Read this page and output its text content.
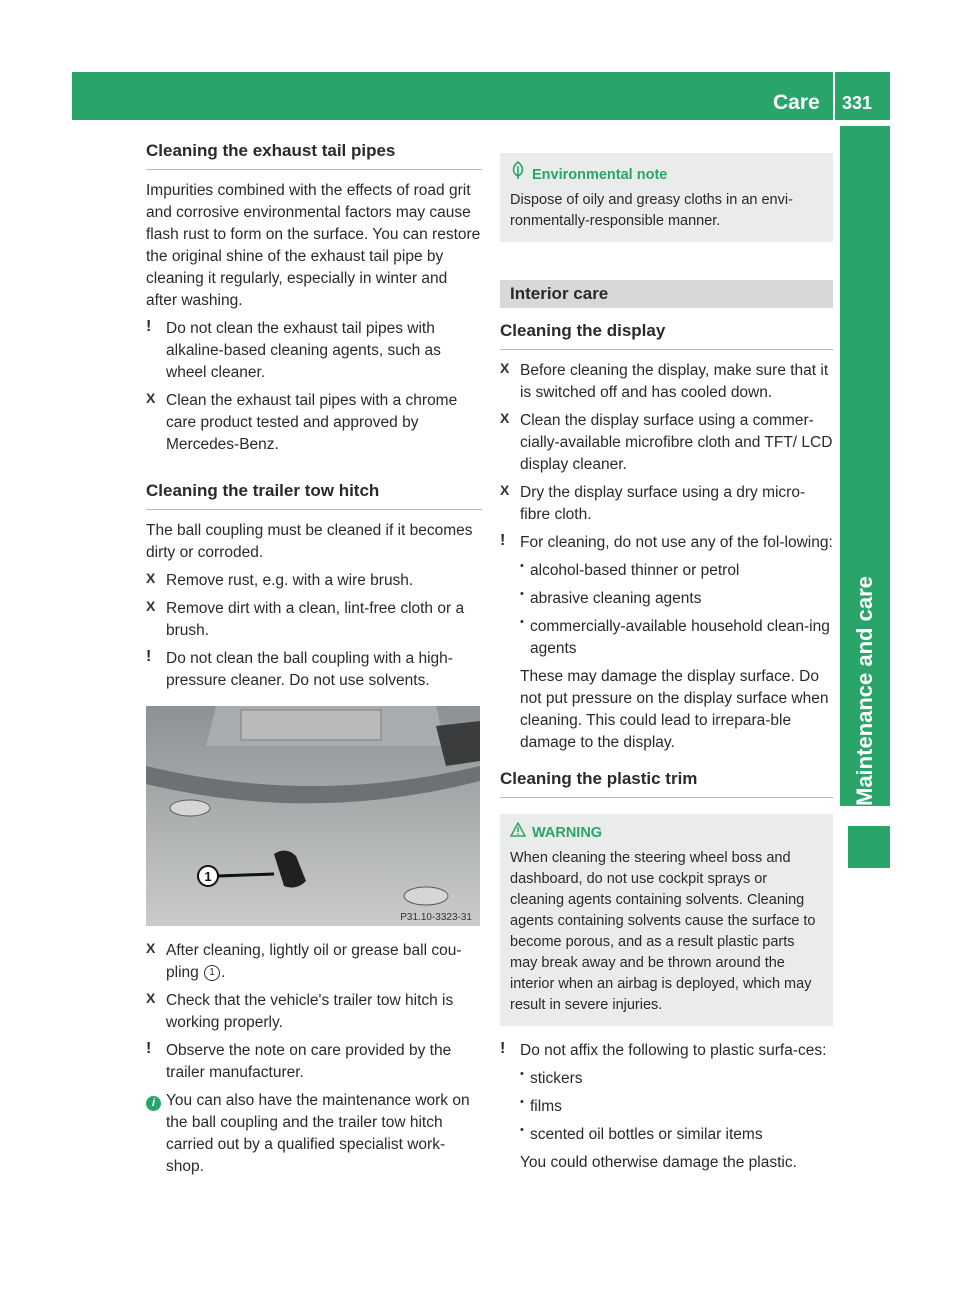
Care 331
Maintenance and care

Cleaning the exhaust tail pipes

Impurities combined with the effects of road grit and corrosive environmental factors may cause flash rust to form on the surface. You can restore the original shine of the exhaust tail pipe by cleaning it regularly, especially in winter and after washing.

! Do not clean the exhaust tail pipes with alkaline-based cleaning agents, such as wheel cleaner.

X Clean the exhaust tail pipes with a chrome care product tested and approved by Mercedes-Benz.

Cleaning the trailer tow hitch

The ball coupling must be cleaned if it becomes dirty or corroded.

X Remove rust, e.g. with a wire brush.

X Remove dirt with a clean, lint-free cloth or a brush.

! Do not clean the ball coupling with a high-pressure cleaner. Do not use solvents.

1
P31.10-3323-31
X After cleaning, lightly oil or grease ball cou-pling 1 .

X Check that the vehicle's trailer tow hitch is working properly.

! Observe the note on care provided by the trailer manufacturer.

i You can also have the maintenance work on the ball coupling and the trailer tow hitch carried out by a qualified specialist work-shop.

Environmental note

Dispose of oily and greasy cloths in an envi-ronmentally-responsible manner.

Interior care

Cleaning the display

X Before cleaning the display, make sure that it is switched off and has cooled down.

X Clean the display surface using a commer-cially-available microfibre cloth and TFT/ LCD display cleaner.

X Dry the display surface using a dry micro-fibre cloth.

! For cleaning, do not use any of the fol-lowing:

• alcohol-based thinner or petrol

• abrasive cleaning agents

• commercially-available household clean-ing agents

These may damage the display surface. Do not put pressure on the display surface when cleaning. This could lead to irrepara-ble damage to the display.

Cleaning the plastic trim

WARNING

When cleaning the steering wheel boss and dashboard, do not use cockpit sprays or cleaning agents containing solvents. Cleaning agents containing solvents cause the surface to become porous, and as a result plastic parts may break away and be thrown around the interior when an airbag is deployed, which may result in severe injuries.

! Do not affix the following to plastic surfa-ces:

• stickers

• films

• scented oil bottles or similar items

You could otherwise damage the plastic.
